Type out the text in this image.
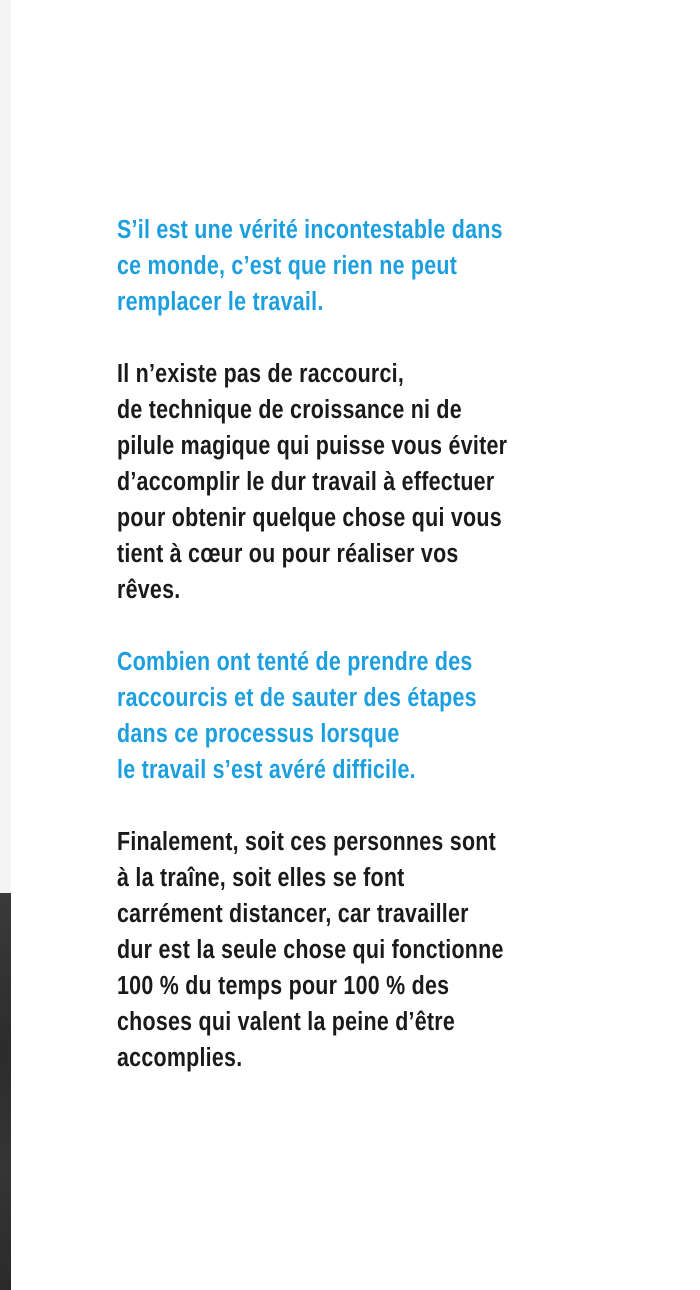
S’il est une vérité incontestable dans
ce monde, c’est que rien ne peut
remplacer le travail.
Il n’existe pas de raccourci,
de technique de croissance ni de
pilule magique qui puisse vous éviter
d’accomplir le dur travail à effectuer
pour obtenir quelque chose qui vous
tient à cœur ou pour réaliser vos
rêves.
Combien ont tenté de prendre des
raccourcis et de sauter des étapes
dans ce processus lorsque
le travail s’est avéré difficile.
Finalement, soit ces personnes sont
à la traîne, soit elles se font
carrément distancer, car travailler
dur est la seule chose qui fonctionne
100 % du temps pour 100 % des
choses qui valent la peine d’être
accomplies.
